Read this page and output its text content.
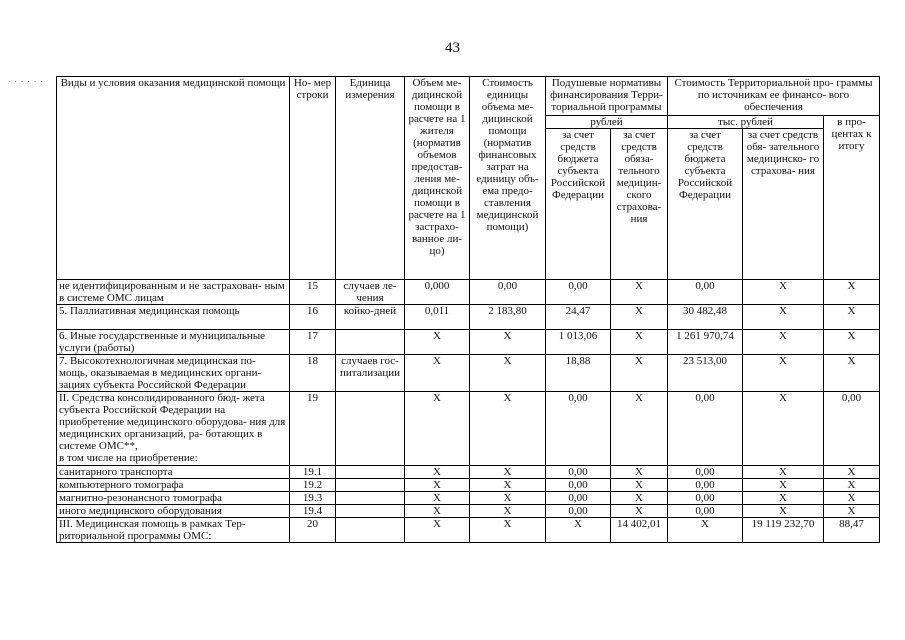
43
. . . . . . Виды и условия оказания медицинской помощи	Но- мер строки	Единица измерения	Объем ме- дицинской помощи в расчете на 1 жителя (норматив объемов предостав- ления ме- дицинской помощи в расчете на 1 застрахо- ванное ли- цо)	Стоимость единицы объема ме- дицинской помощи (норматив финансовых затрат на единицу объ- ема предо- ставления медицинской помощи)	Подушевые нормативы финансирования Терри- ториальной программы		Стоимость Территориальной про- граммы по источникам ее финансо- вого обеспечения		
					рублей		тыс. рублей		в про- центах к итогу
					за счет средств бюджета субъекта Российской Федерации	за счет средств обяза- тельного медицин- ского страхова- ния	за счет средств бюджета субъекта Российской Федерации	за счет средств обя- зательного медицинско- го страхова- ния	
не идентифицированным и не застрахован- ным в системе ОМС лицам	15	случаев ле- чения	0,000	0,00	0,00	Х	0,00	Х	Х
5. Паллиативная медицинская помощь	16	койко-дней	0,011	2 183,80	24,47	Х	30 482,48	Х	Х
6. Иные государственные и муниципальные услуги (работы)	17		Х	Х	1 013,06	Х	1 261 970,74	Х	Х
7. Высокотехнологичная медицинская по- мощь, оказываемая в медицинских органи- зациях субъекта Российской Федерации	18	случаев гос- питализации	Х	Х	18,88	Х	23 513,00	Х	Х
II. Средства консолидированного бюд- жета субъекта Российской Федерации на приобретение медицинского оборудова- ния для медицинских организаций, ра- ботающих в системе ОМС**,
в том числе на приобретение:	19		Х	Х	0,00	Х	0,00	Х	0,00
санитарного транспорта	19.1		Х	Х	0,00	Х	0,00	Х	Х
компьютерного томографа	19.2		Х	Х	0,00	Х	0,00	Х	Х
магнитно-резонансного томографа	19.3		Х	Х	0,00	Х	0,00	Х	Х
иного медицинского оборудования	19.4		Х	Х	0,00	Х	0,00	Х	Х
III. Медицинская помощь в рамках Тер- риториальной программы ОМС:	20		Х	Х	Х	14 402,01	Х	19 119 232,70	88,47
